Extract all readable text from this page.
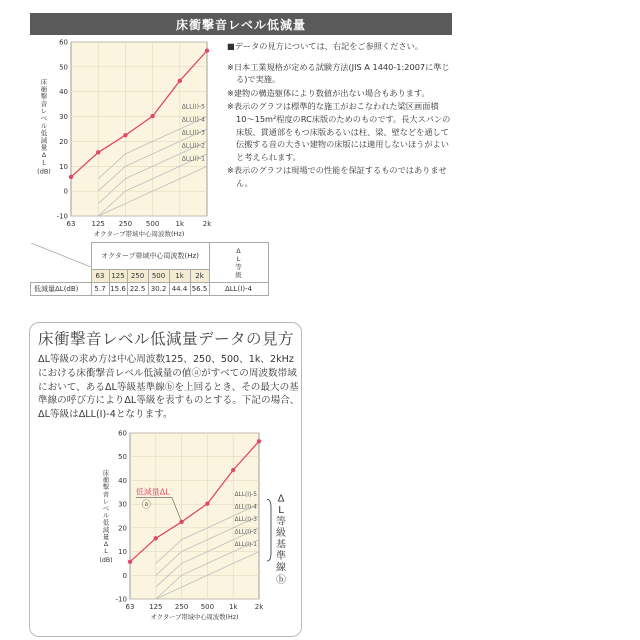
床衝撃音レベル低減量
-10
0
10
20
30
40
50
60
63 125 250 500 1k	2k
オクターブ帯域中心周波数(Hz)
床
衝
撃
音
レ
ベ
ル
低
減
量
Δ
L
(dB)
ΔLL(I)-5
ΔLL(I)-4
ΔLL(I)-3
ΔLL(I)-2
ΔLL(I)-1

■データの見方については、右記をご参照ください。

※日本工業規格が定める試験方法(JIS A 1440-1:2007に準じる)で実施。

※建物の構造躯体により数値が出ない場合もあります。

※表示のグラフは標準的な施工がおこなわれた梁区画面積10〜15m²程度のRC床版のためのものです。長大スパンの床版、貫通部をもつ床版あるいは柱、梁、壁などを通して伝搬する音の大きい建物の床版には適用しないほうがよいと考えられます。

※表示のグラフは現場での性能を保証するものではありません。

	オクターブ帯域中心周波数(Hz)						ΔL等級
	63	125	250	500	1k	2k	
低減量ΔL(dB)	5.7	15.6	22.5	30.2	44.4	56.5	ΔLL(I)-4
床衝撃音レベル低減量データの見方
ΔL等級の求め方は中心周波数125、250、500、1k、2kHzにおける床衝撃音レベル低減量の値ⓐがすべての周波数帯域において、あるΔL等級基準線ⓑを上回るとき、その最大の基準線の呼び方によりΔL等級を表すものとする。下記の場合、ΔL等級はΔLL(I)-4となります。
-10
0
10
20
30
40
50
60
63 125 250 500 1k 2k
オクターブ帯域中心周波数(Hz)
床
衝
撃
音
レ
ベ
ル
低
減
量
Δ
L
(dB)
ΔLL(I)-5
ΔLL(I)-4
ΔLL(I)-3
ΔLL(I)-2
ΔLL(I)-1
低減量ΔL
ⓐ
Δ
L
等
級
基
準
線
ⓑ
